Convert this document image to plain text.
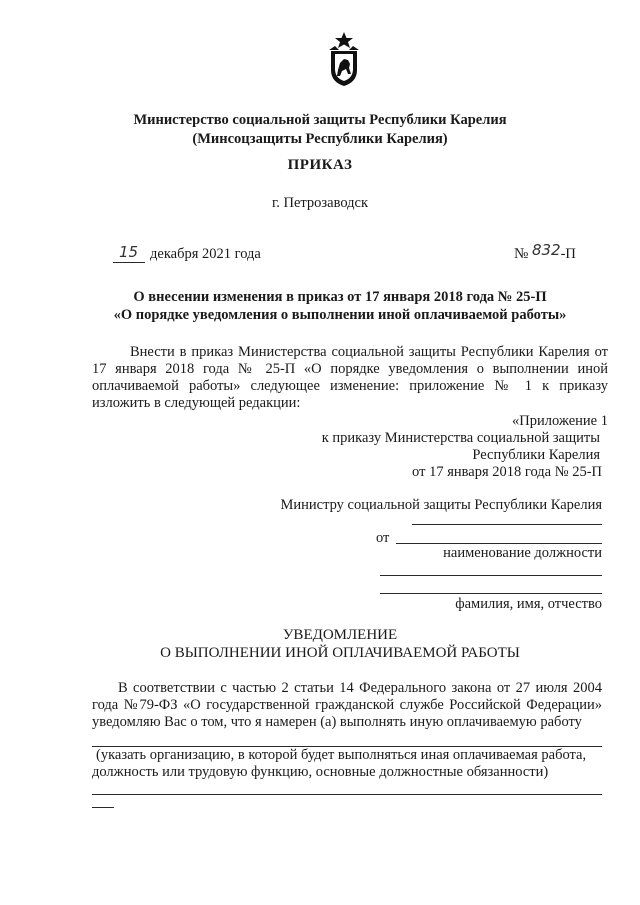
Министерство социальной защиты Республики Карелия
(Минсоцзащиты Республики Карелия)
ПРИКАЗ
г. Петрозаводск
15 декабря 2021 года	№ 832-П
О внесении изменения в приказ от 17 января 2018 года № 25-П
«О порядке уведомления о выполнении иной оплачиваемой работы»
Внести в приказ Министерства социальной защиты Республики Карелия от
17 января 2018 года № 25-П «О порядке уведомления о выполнении иной
оплачиваемой работы» следующее изменение: приложение № 1 к приказу
изложить в следующей редакции:
«Приложение 1
к приказу Министерства социальной защиты
Республики Карелия
от 17 января 2018 года № 25-П
Министру социальной защиты Республики Карелия
от
наименование должности
фамилия, имя, отчество
УВЕДОМЛЕНИЕ
О ВЫПОЛНЕНИИ ИНОЙ ОПЛАЧИВАЕМОЙ РАБОТЫ
В соответствии с частью 2 статьи 14 Федерального закона от 27 июля 2004
года №79-ФЗ «О государственной гражданской службе Российской Федерации»
уведомляю Вас о том, что я намерен (а) выполнять иную оплачиваемую работу
(указать организацию, в которой будет выполняться иная оплачиваемая работа,
должность или трудовую функцию, основные должностные обязанности)
